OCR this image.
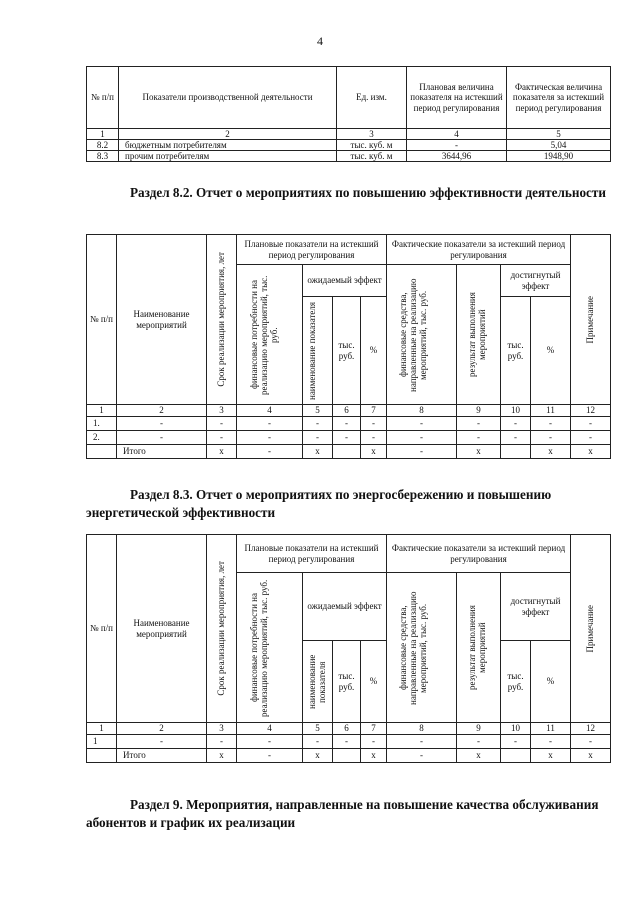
4
№ п/п	Показатели производственной деятельности	Ед. изм.	Плановая величина показателя на истекший период регулирования	Фактическая величина показателя за истекший период регулирования
1	2	3	4	5
8.2	бюджетным потребителям	тыс. куб. м	-	5,04
8.3	прочим потребителям	тыс. куб. м	3644,96	1948,90
Раздел 8.2. Отчет о мероприятиях по повышению эффективности деятельности
№ п/п	Наименование мероприятий	Срок реализации мероприятия, лет	Плановые показатели на истекший период регулирования				Фактические показатели за истекший период регулирования				Примечание

			финансовые потребности на реализацию мероприятий, тыс. руб.	ожидаемый эффект			финансовые средства, направленные на реализацию мероприятий, тыс. руб.	результат выполнения мероприятий	достигнутый эффект		

				наименование показателя	тыс. руб.	%			тыс. руб.	%	
1	2	3	4	5	6	7	8	9	10	11	12
1.	-	-	-	-	-	-	-	-	-	-	-
2.	-	-	-	-	-	-	-	-	-	-	-
	Итого	x	-	x		x	-	x		x	x
Раздел 8.3. Отчет о мероприятиях по энергосбережению и повышению энергетической эффективности
№ п/п	Наименование мероприятий	Срок реализации мероприятия, лет	Плановые показатели на истекший период регулирования				Фактические показатели за истекший период регулирования				Примечание

			финансовые потребности на реализацию мероприятий, тыс. руб.	ожидаемый эффект			финансовые средства, направленные на реализацию мероприятий, тыс. руб.	результат выполнения мероприятий	достигнутый эффект		

				наименование показателя	тыс. руб.	%			тыс. руб.	%	
1	2	3	4	5	6	7	8	9	10	11	12
1	-	-	-	-	-	-	-	-	-	-	-
	Итого	x	-	x		x	-	x		x	x
Раздел 9. Мероприятия, направленные на повышение качества обслуживания абонентов и график их реализации
